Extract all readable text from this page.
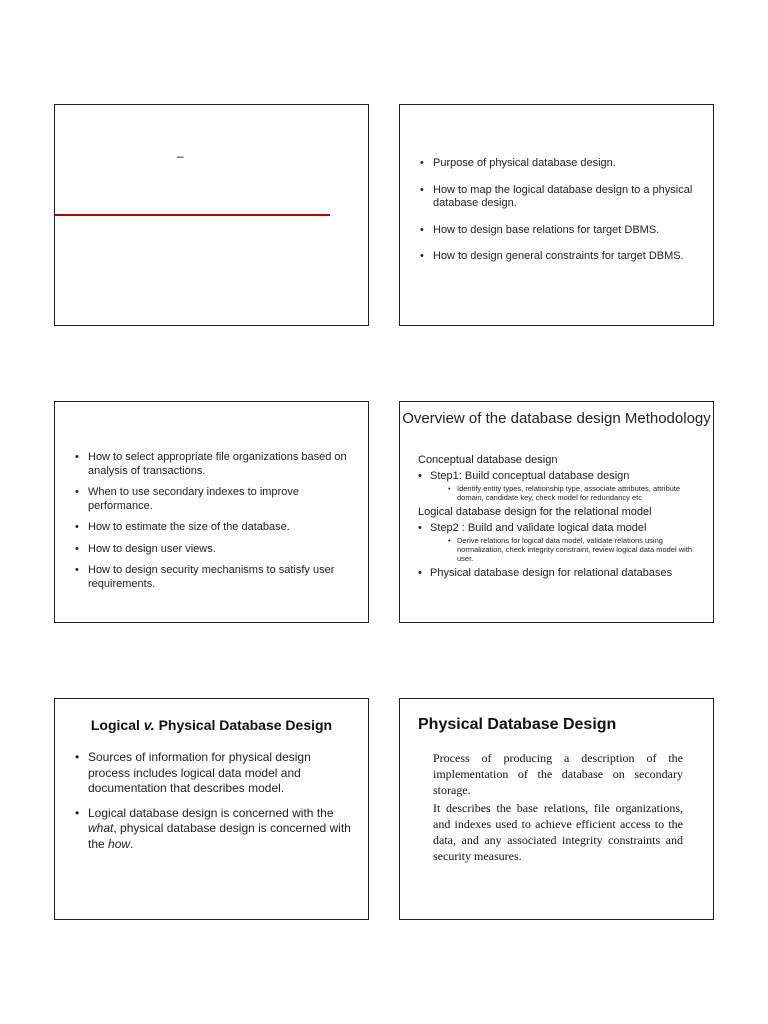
–
•	Purpose of physical database design.
• How to map the logical database design to a physical database design.
• How to design base relations for target DBMS.
• How to design general constraints for target DBMS.
• How to select appropriate file organizations based on analysis of transactions.
• When to use secondary indexes to improve performance.
• How to estimate the size of the database.
• How to design user views.
• How to design security mechanisms to satisfy user requirements.
Overview of the database design Methodology
Conceptual database design
• Step1: Build conceptual database design
• Identify entity types, relationship type, associate attributes, attribute domain, candidate key, check model for redundancy etc
Logical database design for the relational model
• Step2 : Build and validate logical data model
• Derive relations for logical data model, validate relations using normalization, check integrity constraint, review logical data model with user.
• Physical database design for relational databases
Logical v. Physical Database Design
• Sources of information for physical design process includes logical data model and documentation that describes model.
• Logical database design is concerned with the what, physical database design is concerned with the how.
Physical Database Design
Process of producing a description of the implementation of the database on secondary storage.
It describes the base relations, file organizations, and indexes used to achieve efficient access to the data, and any associated integrity constraints and security measures.
